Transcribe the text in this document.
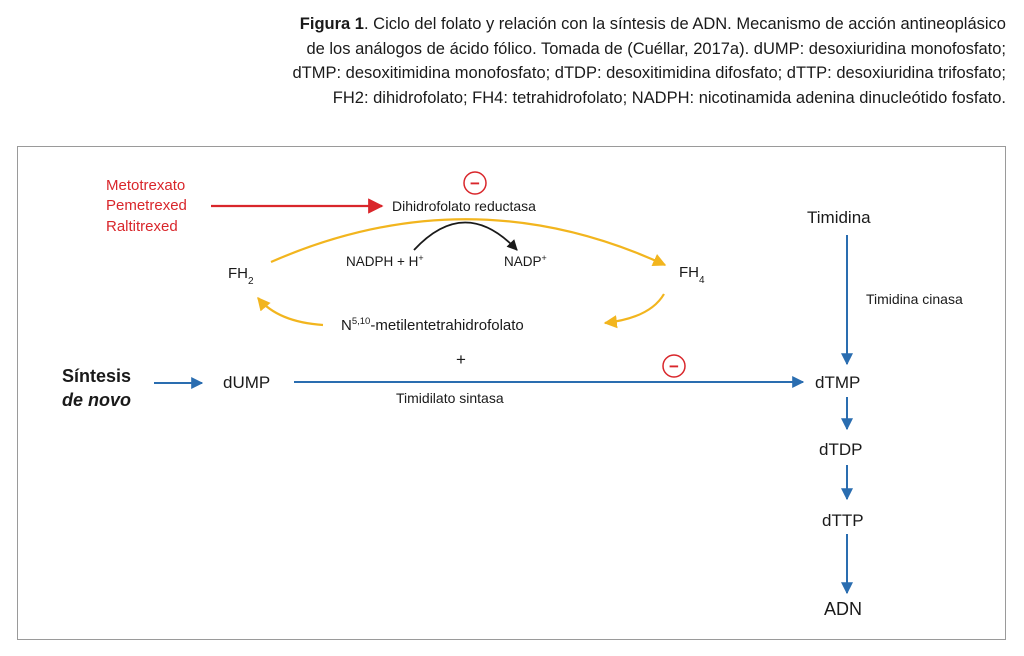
Figura 1. Ciclo del folato y relación con la síntesis de ADN. Mecanismo de acción antineoplásico
de los análogos de ácido fólico. Tomada de (Cuéllar, 2017a). dUMP: desoxiuridina monofosfato;
dTMP: desoxitimidina monofosfato; dTDP: desoxitimidina difosfato; dTTP: desoxiuridina trifosfato;
FH2: dihidrofolato; FH4: tetrahidrofolato; NADPH: nicotinamida adenina dinucleótido fosfato.
Metotrexato
Pemetrexed
Raltitrexed
−
Dihidrofolato reductasa
$FH_2$
$FH_4$
NADPH + H+	NADP+
N$^{5,10}$-metilentetrahidrofolato
+
Síntesis
de novo
dUMP
−
Timidilato sintasa
Timidina
Timidina cinasa
dTMP
dTDP
dTTP
ADN
